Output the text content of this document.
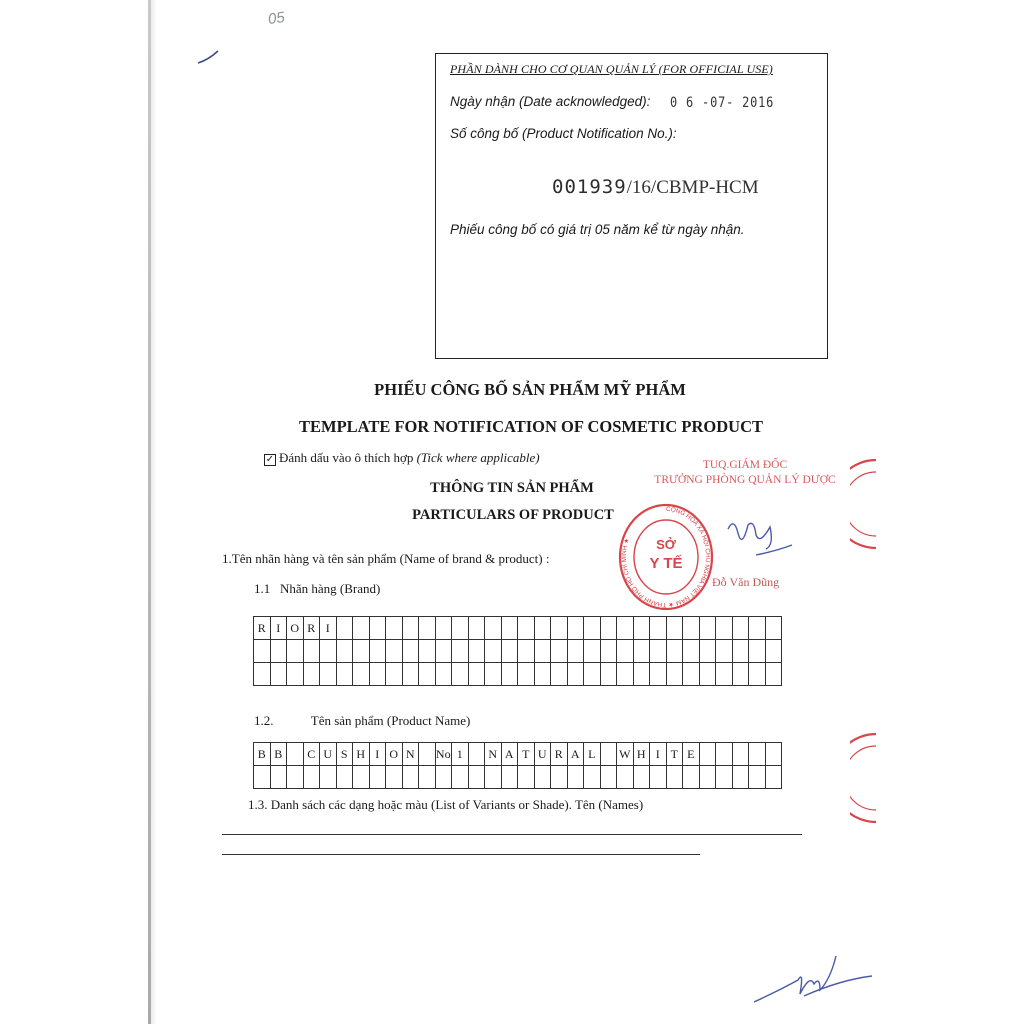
05
PHẦN DÀNH CHO CƠ QUAN QUẢN LÝ (FOR OFFICIAL USE)
Ngày nhận (Date acknowledged): 0 6 -07- 2016
Số công bố (Product Notification No.):
001939/16/CBMP-HCM
Phiếu công bố có giá trị 05 năm kể từ ngày nhận.
PHIẾU CÔNG BỐ SẢN PHẨM MỸ PHẨM
TEMPLATE FOR NOTIFICATION OF COSMETIC PRODUCT
✓ Đánh dấu vào ô thích hợp (Tick where applicable)
THÔNG TIN SẢN PHẨM
PARTICULARS OF PRODUCT
1.Tên nhãn hàng và tên sản phẩm (Name of brand & product) :
1.1 Nhãn hàng (Brand)
R	I	O	R	I																											

1.2.	Tên sản phẩm (Product Name)
B	B		C	U	S	H	I	O	N		No	1		N	A	T	U	R	A	L		W	H	I	T	E					

1.3. Danh sách các dạng hoặc màu (List of Variants or Shade). Tên (Names)
TUQ.GIÁM ĐỐC
TRƯỞNG PHÒNG QUẢN LÝ DƯỢC
CỘNG HÒA XÃ HỘI CHỦ NGHĨA VIỆT NAM ★ THÀNH PHỐ HỒ CHÍ MINH ★	SỞ
Y TẾ
Đỗ Văn Dũng
